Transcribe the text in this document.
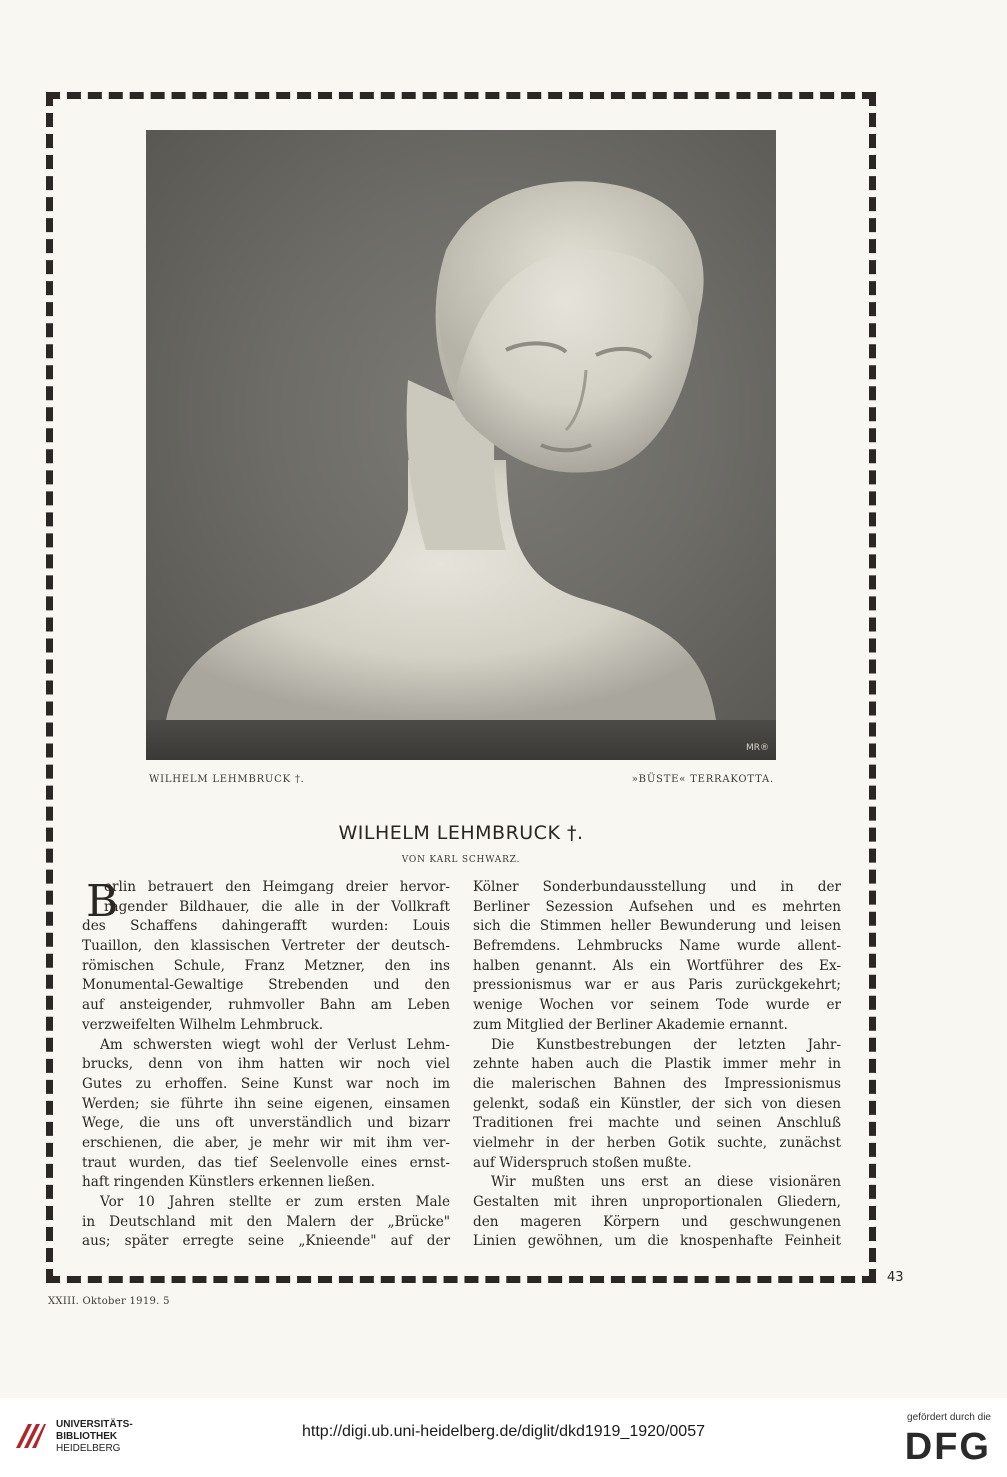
MR®
WILHELM LEHMBRUCK †.	»BÜSTE« TERRAKOTTA.
WILHELM LEHMBRUCK †.
VON KARL SCHWARZ.
B
erlin betrauert den Heimgang dreier hervor-
ragender Bildhauer, die alle in der Vollkraft
des Schaffens dahingerafft wurden: Louis
Tuaillon, den klassischen Vertreter der deutsch-
römischen Schule, Franz Metzner, den ins
Monumental-Gewaltige Strebenden und den
auf ansteigender, ruhmvoller Bahn am Leben
verzweifelten Wilhelm Lehmbruck.
Am schwersten wiegt wohl der Verlust Lehm-
brucks, denn von ihm hatten wir noch viel
Gutes zu erhoffen. Seine Kunst war noch im
Werden; sie führte ihn seine eigenen, einsamen
Wege, die uns oft unverständlich und bizarr
erschienen, die aber, je mehr wir mit ihm ver-
traut wurden, das tief Seelenvolle eines ernst-
haft ringenden Künstlers erkennen ließen.
Vor 10 Jahren stellte er zum ersten Male
in Deutschland mit den Malern der „Brücke"
aus; später erregte seine „Knieende" auf der
Kölner Sonderbundausstellung und in der
Berliner Sezession Aufsehen und es mehrten
sich die Stimmen heller Bewunderung und leisen
Befremdens. Lehmbrucks Name wurde allent-
halben genannt. Als ein Wortführer des Ex-
pressionismus war er aus Paris zurückgekehrt;
wenige Wochen vor seinem Tode wurde er
zum Mitglied der Berliner Akademie ernannt.
Die Kunstbestrebungen der letzten Jahr-
zehnte haben auch die Plastik immer mehr in
die malerischen Bahnen des Impressionismus
gelenkt, sodaß ein Künstler, der sich von diesen
Traditionen frei machte und seinen Anschluß
vielmehr in der herben Gotik suchte, zunächst
auf Widerspruch stoßen mußte.
Wir mußten uns erst an diese visionären
Gestalten mit ihren unproportionalen Gliedern,
den mageren Körpern und geschwungenen
Linien gewöhnen, um die knospenhafte Feinheit
43
XXIII. Oktober 1919. 5
UNIVERSITÄTS-
BIBLIOTHEK
HEIDELBERG
http://digi.ub.uni-heidelberg.de/diglit/dkd1919_1920/0057
gefördert durch die
DFG
